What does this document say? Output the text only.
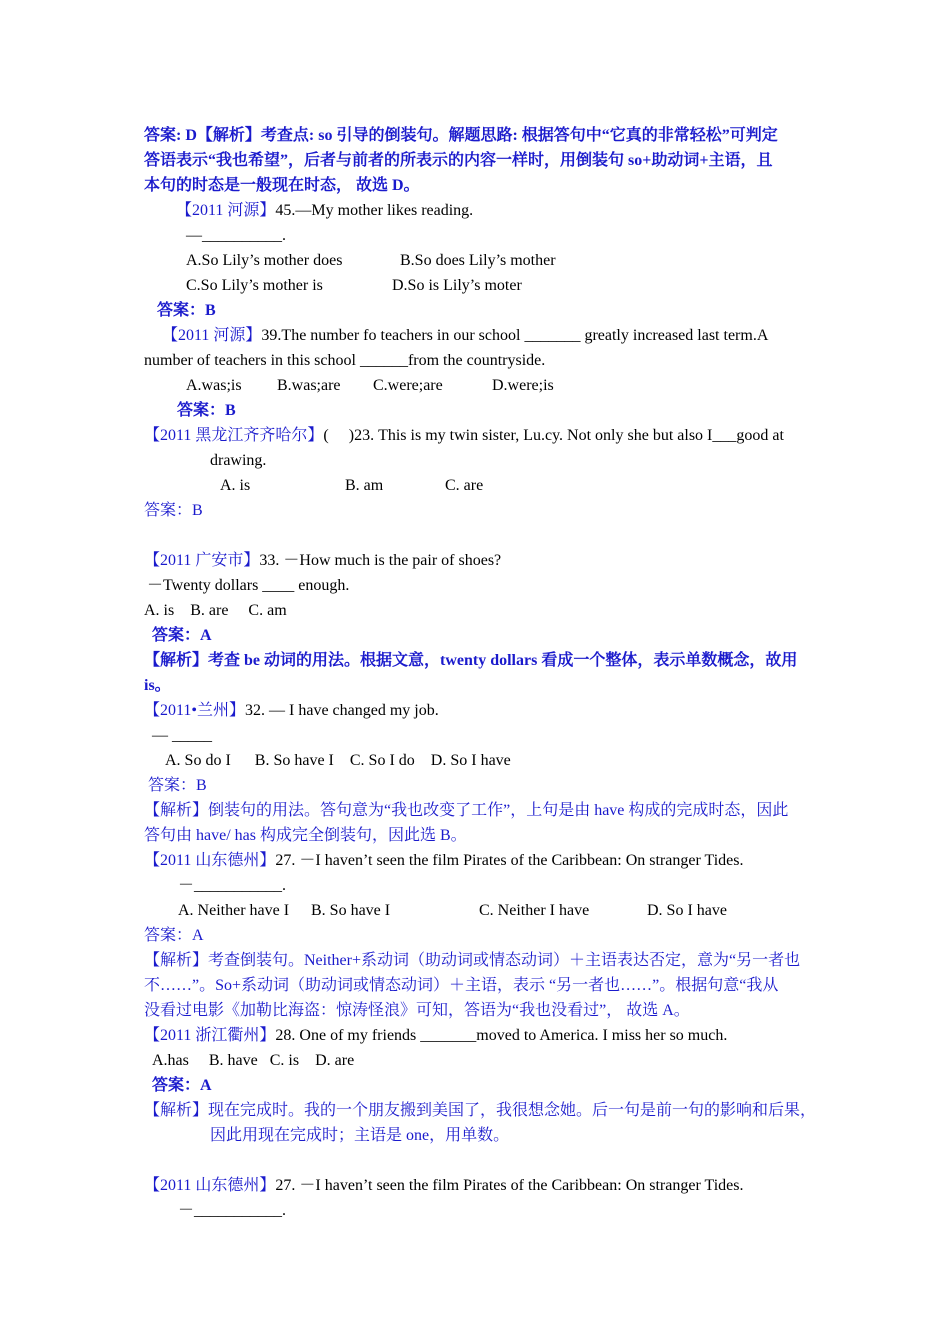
答案: D【解析】考查点: so 引导的倒装句。解题思路: 根据答句中“它真的非常轻松”可判定
答语表示“我也希望”，后者与前者的所表示的内容一样时，用倒装句 so+助动词+主语，且
本句的时态是一般现在时态， 故选 D。
【2011 河源】45.—My mother likes reading.
—__________.
A.So Lily’s mother does	B.So does Lily’s mother
C.So Lily’s mother is	D.So is Lily’s moter
答案：B
【2011 河源】39.The number fo teachers in our school _______ greatly increased last term.A
number of teachers in this school ______from the countryside.
A.was;is B.was;are C.were;are	D.were;is
答案：B
【2011 黑龙江齐齐哈尔】(     )23. This is my twin sister, Lu.cy. Not only she but also I___good at
drawing.
A. is	B. am	C. are
答案：B
【2011 广安市】33. －How much is the pair of shoes?
－Twenty dollars ____ enough.
A. is    B. are     C. am
答案：A
【解析】考查 be 动词的用法。根据文意，twenty dollars 看成一个整体，表示单数概念，故用
is。
【2011•兰州】32. — I have changed my job.
— _____
A. So do I      B. So have I    C. So I do    D. So I have
答案：B
【解析】倒装句的用法。答句意为“我也改变了工作”，上句是由 have 构成的完成时态，因此
答句由 have/ has 构成完全倒装句，因此选 B。
【2011 山东德州】27. －I haven’t seen the film Pirates of the Caribbean: On stranger Tides.
－___________.
A. Neither have I B. So have I	C. Neither I have	D. So I have
答案：A
【解析】考查倒装句。Neither+系动词（助动词或情态动词）＋主语表达否定，意为“另一者也
不……”。So+系动词（助动词或情态动词）＋主语，表示 “另一者也……”。根据句意“我从
没看过电影《加勒比海盗：惊涛怪浪》可知，答语为“我也没看过”， 故选 A。
【2011 浙江衢州】28. One of my friends _______moved to America. I miss her so much.
A.has     B. have   C. is    D. are
答案：A
【解析】现在完成时。我的一个朋友搬到美国了，我很想念她。后一句是前一句的影响和后果，
因此用现在完成时；主语是 one，用单数。
【2011 山东德州】27. －I haven’t seen the film Pirates of the Caribbean: On stranger Tides.
－___________.
